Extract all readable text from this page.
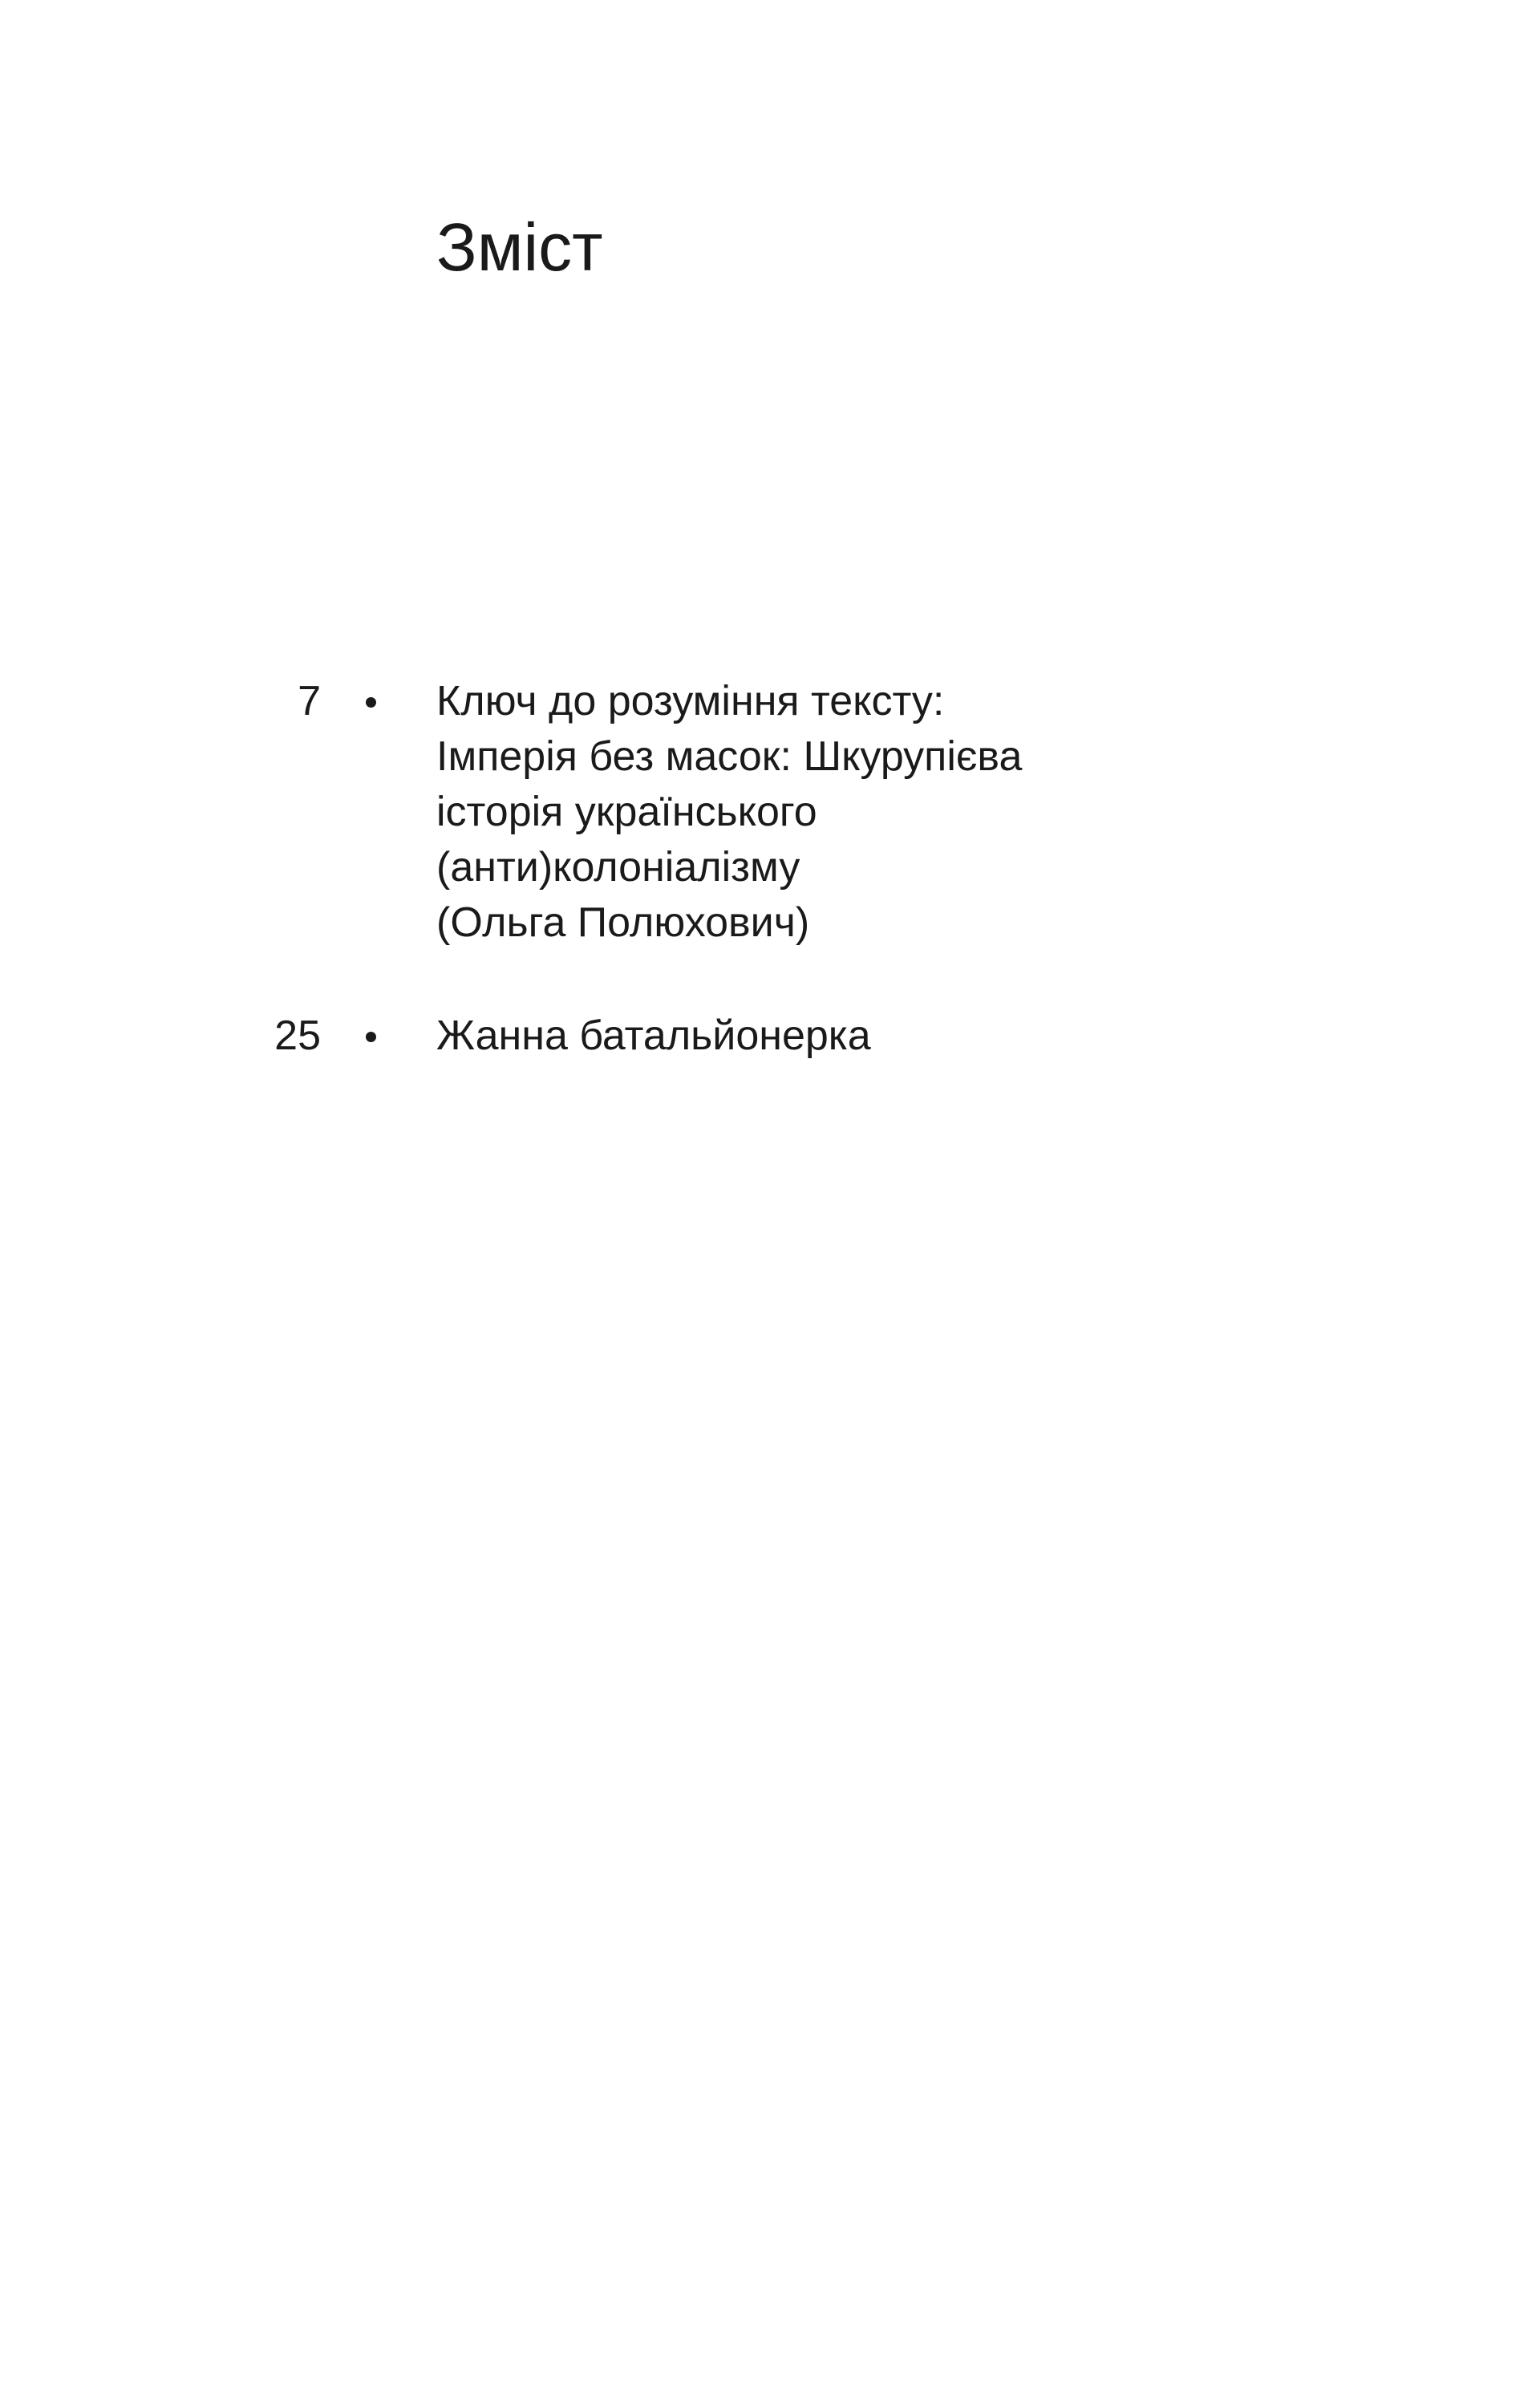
Зміст
7	Ключ до розуміння тексту:
Імперія без масок: Шкурупієва
історія українського
(анти)колоніалізму
(Ольга Полюхович)
25	Жанна батальйонерка
